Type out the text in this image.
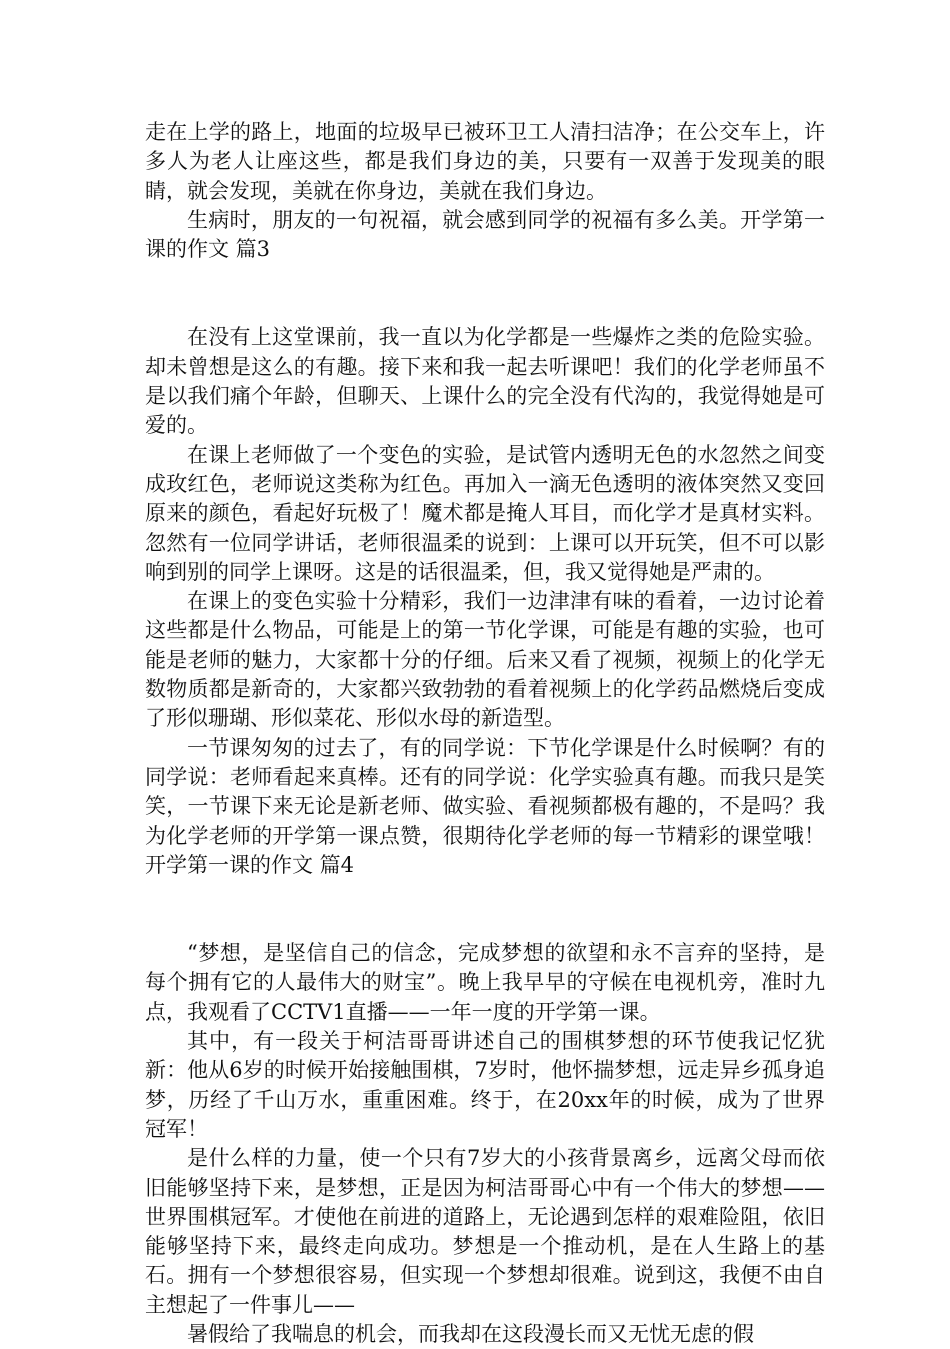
走在上学的路上，地面的垃圾早已被环卫工人清扫洁净；在公交车上，许多人为老人让座这些，都是我们身边的美，只要有一双善于发现美的眼睛，就会发现，美就在你身边，美就在我们身边。

生病时，朋友的一句祝福，就会感到同学的祝福有多么美。开学第一课的作文 篇3

在没有上这堂课前，我一直以为化学都是一些爆炸之类的危险实验。却未曾想是这么的有趣。接下来和我一起去听课吧！我们的化学老师虽不是以我们痛个年龄，但聊天、上课什么的完全没有代沟的，我觉得她是可爱的。

在课上老师做了一个变色的实验，是试管内透明无色的水忽然之间变成玫红色，老师说这类称为红色。再加入一滴无色透明的液体突然又变回原来的颜色，看起好玩极了！魔术都是掩人耳目，而化学才是真材实料。忽然有一位同学讲话，老师很温柔的说到：上课可以开玩笑，但不可以影响到别的同学上课呀。这是的话很温柔，但，我又觉得她是严肃的。

在课上的变色实验十分精彩，我们一边津津有味的看着，一边讨论着这些都是什么物品，可能是上的第一节化学课，可能是有趣的实验，也可能是老师的魅力，大家都十分的仔细。后来又看了视频，视频上的化学无数物质都是新奇的，大家都兴致勃勃的看着视频上的化学药品燃烧后变成了形似珊瑚、形似菜花、形似水母的新造型。

一节课匆匆的过去了，有的同学说：下节化学课是什么时候啊？有的同学说：老师看起来真棒。还有的同学说：化学实验真有趣。而我只是笑笑，一节课下来无论是新老师、做实验、看视频都极有趣的，不是吗？我为化学老师的开学第一课点赞，很期待化学老师的每一节精彩的课堂哦！开学第一课的作文 篇4

“梦想，是坚信自己的信念，完成梦想的欲望和永不言弃的坚持，是每个拥有它的人最伟大的财宝”。晚上我早早的守候在电视机旁，准时九点，我观看了CCTV1直播——一年一度的开学第一课。

其中，有一段关于柯洁哥哥讲述自己的围棋梦想的环节使我记忆犹新：他从6岁的时候开始接触围棋，7岁时，他怀揣梦想，远走异乡孤身追梦，历经了千山万水，重重困难。终于，在20xx年的时候，成为了世界冠军！

是什么样的力量，使一个只有7岁大的小孩背景离乡，远离父母而依旧能够坚持下来，是梦想，正是因为柯洁哥哥心中有一个伟大的梦想——世界围棋冠军。才使他在前进的道路上，无论遇到怎样的艰难险阻，依旧能够坚持下来，最终走向成功。梦想是一个推动机，是在人生路上的基石。拥有一个梦想很容易，但实现一个梦想却很难。说到这，我便不由自主想起了一件事儿——

暑假给了我喘息的机会，而我却在这段漫长而又无忧无虑的假
